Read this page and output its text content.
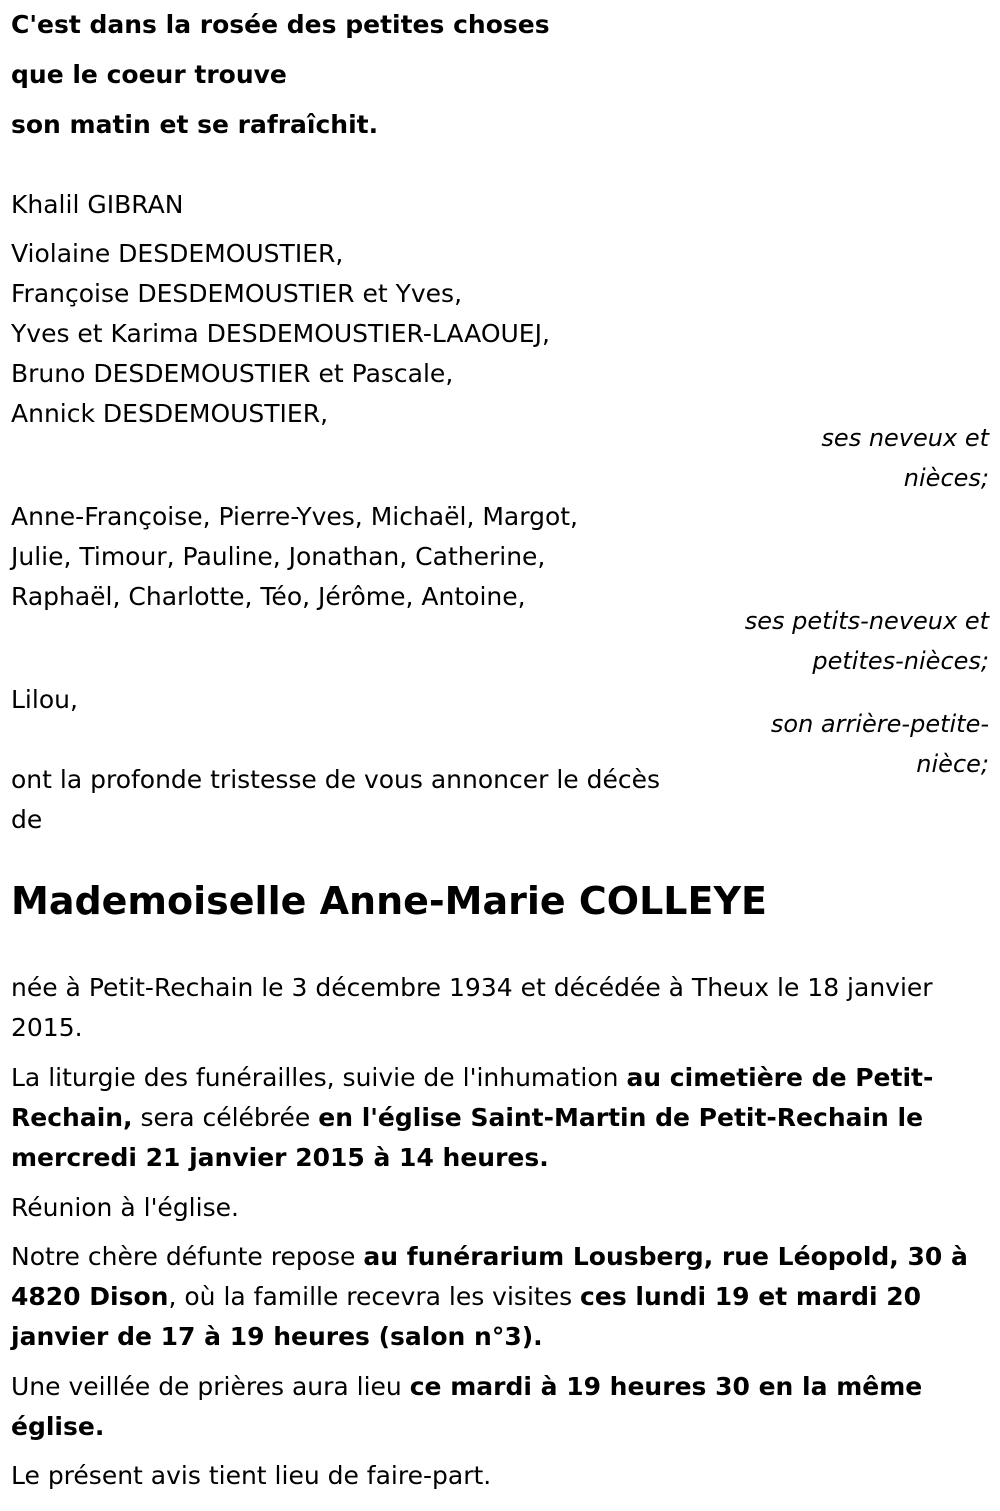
C'est dans la rosée des petites choses
que le coeur trouve
son matin et se rafraîchit.
Khalil GIBRAN
Violaine DESDEMOUSTIER,
Françoise DESDEMOUSTIER et Yves,
Yves et Karima DESDEMOUSTIER-LAAOUEJ,
Bruno DESDEMOUSTIER et Pascale,
Annick DESDEMOUSTIER,
ses neveux et
nièces;
Anne-Françoise, Pierre-Yves, Michaël, Margot,
Julie, Timour, Pauline, Jonathan, Catherine,
Raphaël, Charlotte, Téo, Jérôme, Antoine,
ses petits-neveux et
petites-nièces;
Lilou,
son arrière-petite-
nièce;
ont la profonde tristesse de vous annoncer le décès
de
Mademoiselle Anne-Marie COLLEYE
née à Petit-Rechain le 3 décembre 1934 et décédée à Theux le 18 janvier 2015.
La liturgie des funérailles, suivie de l'inhumation au cimetière de Petit-Rechain, sera célébrée en l'église Saint-Martin de Petit-Rechain le mercredi 21 janvier 2015 à 14 heures.
Réunion à l'église.
Notre chère défunte repose au funérarium Lousberg, rue Léopold, 30 à 4820 Dison, où la famille recevra les visites ces lundi 19 et mardi 20 janvier de 17 à 19 heures (salon n°3).
Une veillée de prières aura lieu ce mardi à 19 heures 30 en la même église.
Le présent avis tient lieu de faire-part.
